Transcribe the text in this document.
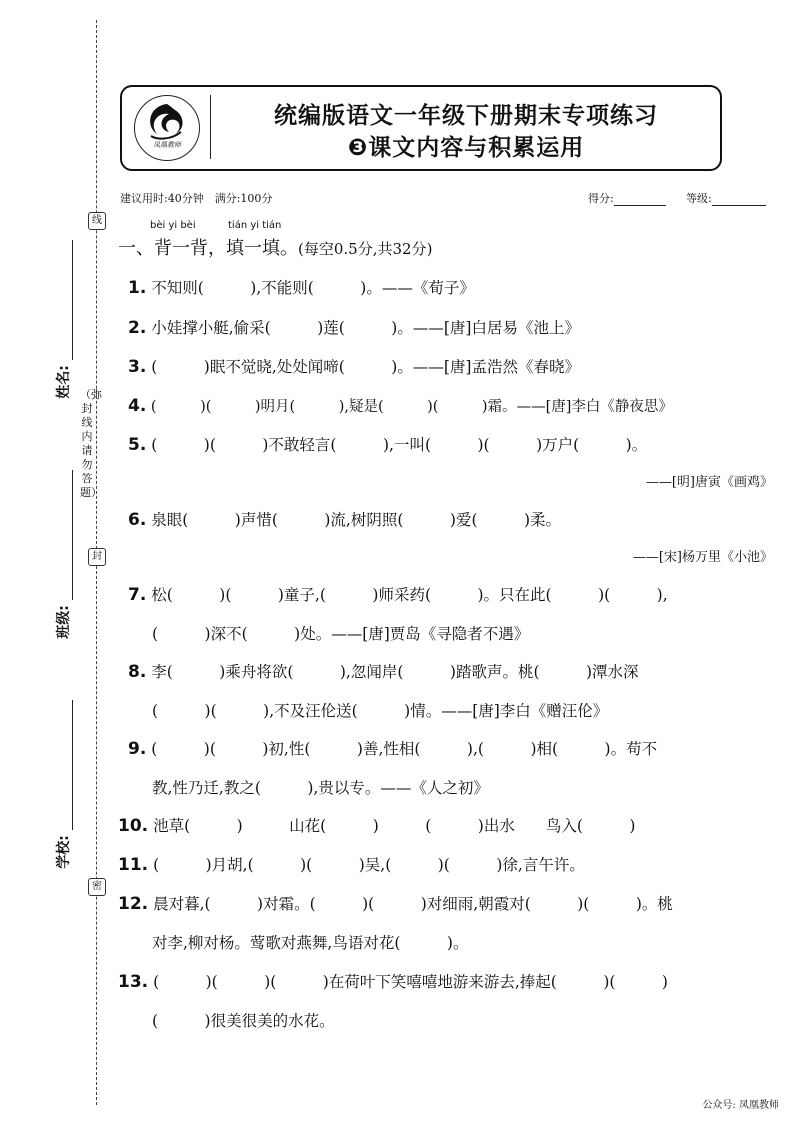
线
封
密
姓名:
班级:
学校:
（弥封线内请勿答题）
凤凰教师
统编版语文一年级下册期末专项练习
❸课文内容与积累运用
建议用时:40分钟　满分:100分	得分:	等级:
bèi yi bèi	tián yi tián
一、背一背，填一填。(每空0.5分,共32分)
1. 不知则(　　　),不能则(　　　)。——《荀子》
2. 小娃撑小艇,偷采(　　　)莲(　　　)。——[唐]白居易《池上》
3. (　　　)眠不觉晓,处处闻啼(　　　)。——[唐]孟浩然《春晓》
4. (　　　)(　　　)明月(　　　),疑是(　　　)(　　　)霜。——[唐]李白《静夜思》
5. (　　　)(　　　)不敢轻言(　　　),一叫(　　　)(　　　)万户(　　　)。
——[明]唐寅《画鸡》
6. 泉眼(　　　)声惜(　　　)流,树阴照(　　　)爱(　　　)柔。
——[宋]杨万里《小池》
7. 松(　　　)(　　　)童子,(　　　)师采药(　　　)。只在此(　　　)(　　　),
(　　　)深不(　　　)处。——[唐]贾岛《寻隐者不遇》
8. 李(　　　)乘舟将欲(　　　),忽闻岸(　　　)踏歌声。桃(　　　)潭水深
(　　　)(　　　),不及汪伦送(　　　)情。——[唐]李白《赠汪伦》
9. (　　　)(　　　)初,性(　　　)善,性相(　　　),(　　　)相(　　　)。苟不
教,性乃迁,教之(　　　),贵以专。——《人之初》
10. 池草(　　　)　　　山花(　　　)　　　(　　　)出水　　鸟入(　　　)
11. (　　　)月胡,(　　　)(　　　)吴,(　　　)(　　　)徐,言午许。
12. 晨对暮,(　　　)对霜。(　　　)(　　　)对细雨,朝霞对(　　　)(　　　)。桃
对李,柳对杨。莺歌对燕舞,鸟语对花(　　　)。
13. (　　　)(　　　)(　　　)在荷叶下笑嘻嘻地游来游去,捧起(　　　)(　　　)
(　　　)很美很美的水花。
公众号: 凤凰教师
